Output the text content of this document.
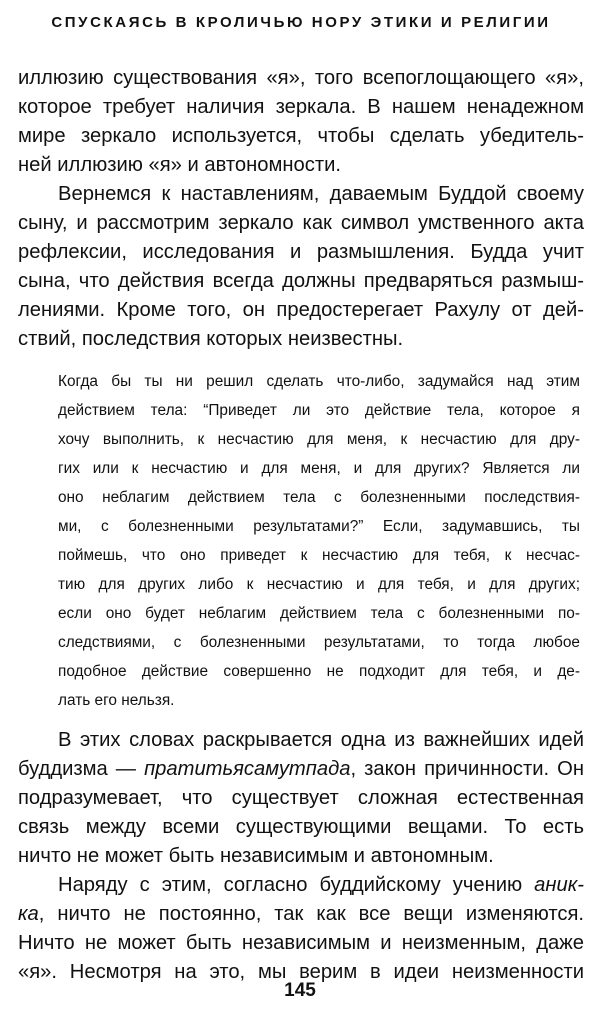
СПУСКАЯСЬ В КРОЛИЧЬЮ НОРУ ЭТИКИ И РЕЛИГИИ
иллюзию существования «я», того всепоглощающего «я»,
которое требует наличия зеркала. В нашем ненадежном
мире зеркало используется, чтобы сделать убедитель-
ней иллюзию «я» и автономности.
Вернемся к наставлениям, даваемым Буддой своему
сыну, и рассмотрим зеркало как символ умственного акта
рефлексии, исследования и размышления. Будда учит
сына, что действия всегда должны предваряться размыш-
лениями. Кроме того, он предостерегает Рахулу от дей-
ствий, последствия которых неизвестны.
Когда бы ты ни решил сделать что-либо, задумайся над этим
действием тела: “Приведет ли это действие тела, которое я
хочу выполнить, к несчастию для меня, к несчастию для дру-
гих или к несчастию и для меня, и для других? Является ли
оно неблагим действием тела с болезненными последствия-
ми, с болезненными результатами?” Если, задумавшись, ты
поймешь, что оно приведет к несчастию для тебя, к несчас-
тию для других либо к несчастию и для тебя, и для других;
если оно будет неблагим действием тела с болезненными по-
следствиями, с болезненными результатами, то тогда любое
подобное действие совершенно не подходит для тебя, и де-
лать его нельзя.
В этих словах раскрывается одна из важнейших идей
буддизма — пратитьясамутпада, закон причинности. Он
подразумевает, что существует сложная естественная
связь между всеми существующими вещами. То есть
ничто не может быть независимым и автономным.
Наряду с этим, согласно буддийскому учению аник-
ка, ничто не постоянно, так как все вещи изменяются.
Ничто не может быть независимым и неизменным, даже
«я». Несмотря на это, мы верим в идеи неизменности
145
